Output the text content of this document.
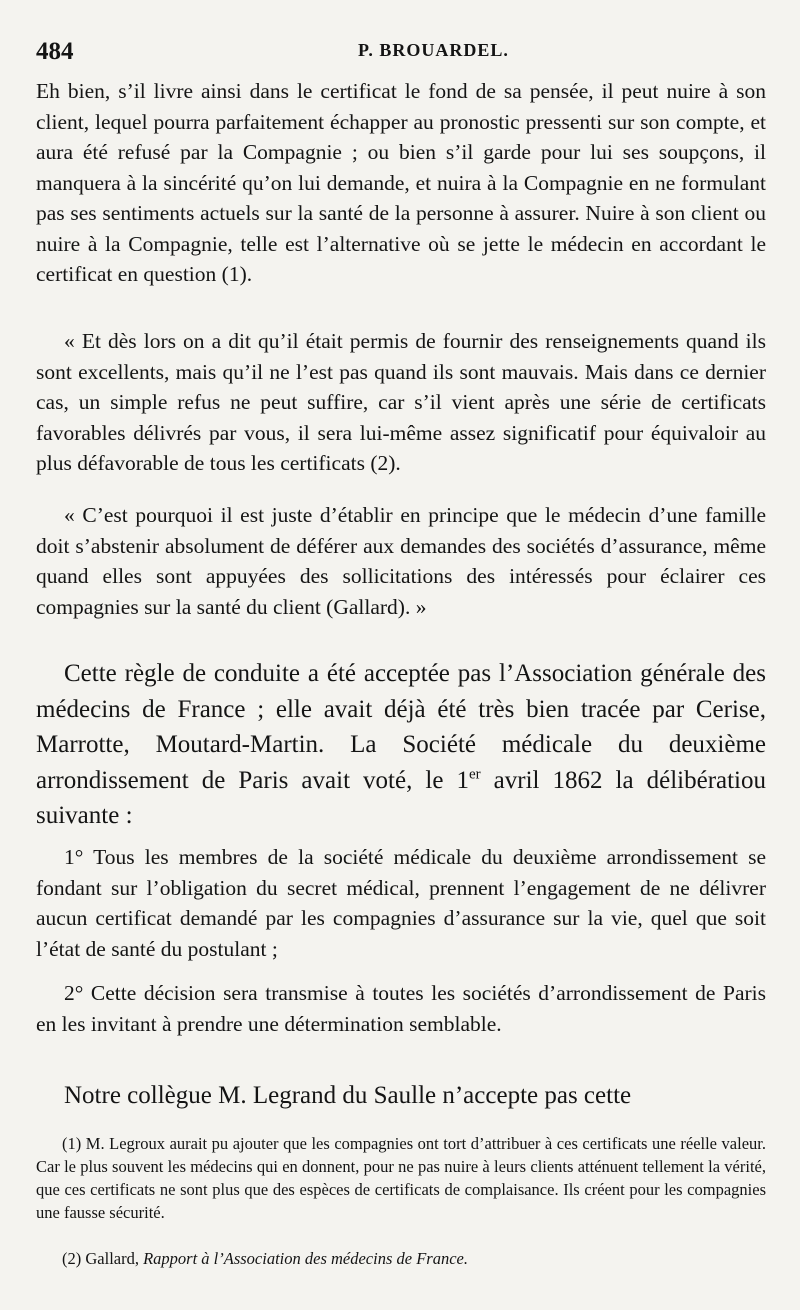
484	P. BROUARDEL.

Eh bien, s’il livre ainsi dans le certificat le fond de sa pensée, il peut nuire à son client, lequel pourra parfaitement échapper au pronostic pressenti sur son compte, et aura été refusé par la Compagnie ; ou bien s’il garde pour lui ses soupçons, il manquera à la sincérité qu’on lui demande, et nuira à la Compagnie en ne formulant pas ses sentiments actuels sur la santé de la personne à assurer. Nuire à son client ou nuire à la Compagnie, telle est l’alternative où se jette le médecin en accordant le certificat en question (1).

« Et dès lors on a dit qu’il était permis de fournir des renseignements quand ils sont excellents, mais qu’il ne l’est pas quand ils sont mauvais. Mais dans ce dernier cas, un simple refus ne peut suffire, car s’il vient après une série de certificats favorables délivrés par vous, il sera lui-même assez significatif pour équivaloir au plus défavorable de tous les certificats (2).

« C’est pourquoi il est juste d’établir en principe que le médecin d’une famille doit s’abstenir absolument de déférer aux demandes des sociétés d’assurance, même quand elles sont appuyées des sollicitations des intéressés pour éclairer ces compagnies sur la santé du client (Gallard). »

Cette règle de conduite a été acceptée pas l’Association générale des médecins de France ; elle avait déjà été très bien tracée par Cerise, Marrotte, Moutard-Martin. La Société médicale du deuxième arrondissement de Paris avait voté, le 1er avril 1862 la délibératiou suivante :

1° Tous les membres de la société médicale du deuxième arrondissement se fondant sur l’obligation du secret médical, prennent l’engagement de ne délivrer aucun certificat demandé par les compagnies d’assurance sur la vie, quel que soit l’état de santé du postulant ;

2° Cette décision sera transmise à toutes les sociétés d’arrondissement de Paris en les invitant à prendre une détermination semblable.

Notre collègue M. Legrand du Saulle n’accepte pas cette

(1) M. Legroux aurait pu ajouter que les compagnies ont tort d’attribuer à ces certificats une réelle valeur. Car le plus souvent les médecins qui en donnent, pour ne pas nuire à leurs clients atténuent tellement la vérité, que ces certificats ne sont plus que des espèces de certificats de complaisance. Ils créent pour les compagnies une fausse sécurité.

(2) Gallard, Rapport à l’Association des médecins de France.
